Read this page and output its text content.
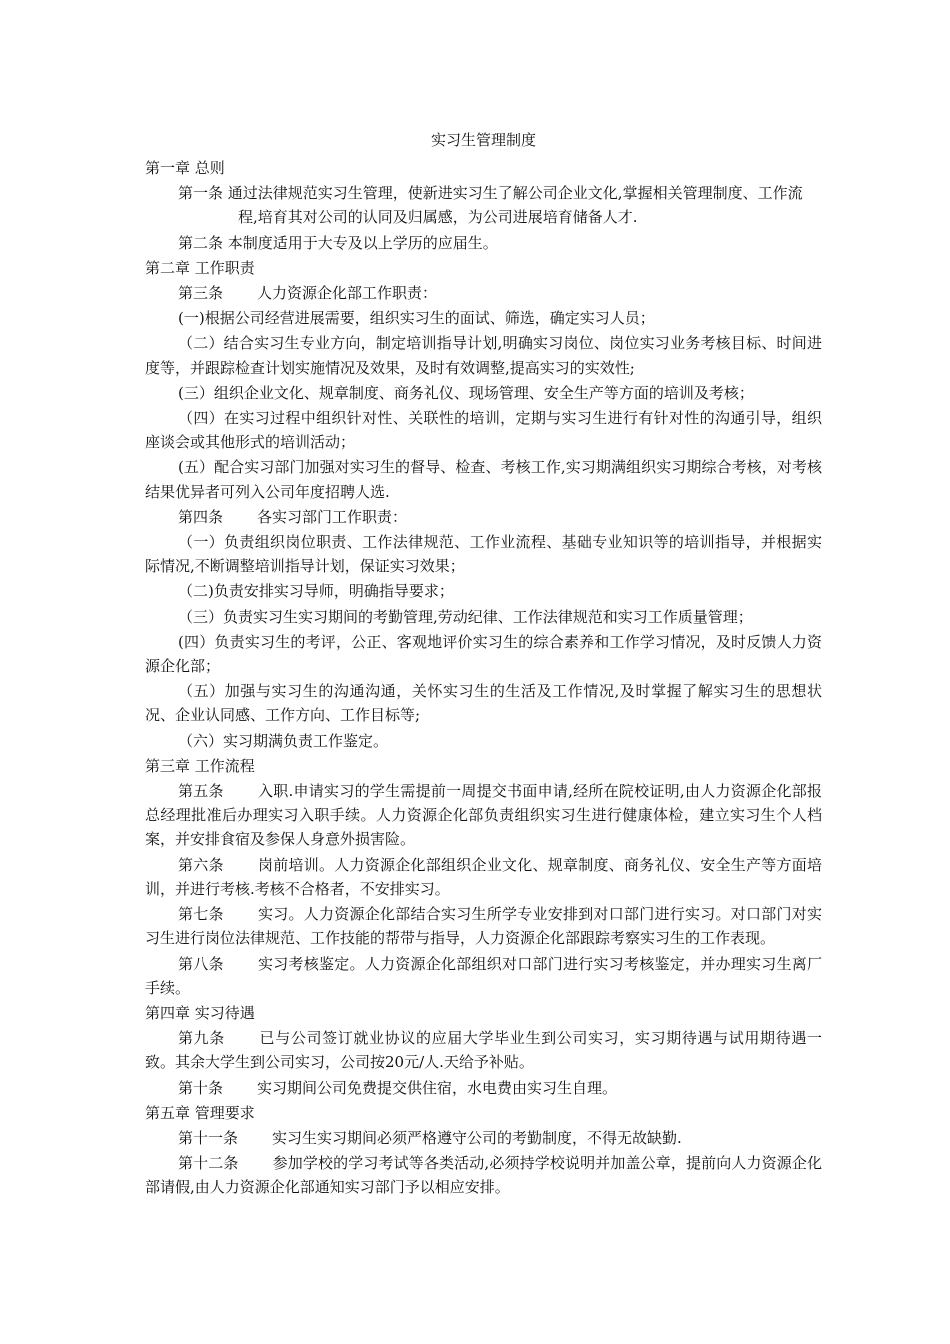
实习生管理制度
第一章 总则
第一条 通过法律规范实习生管理，使新进实习生了解公司企业文化,掌握相关管理制度、工作流程,培育其对公司的认同及归属感，为公司进展培育储备人才.
第二条 本制度适用于大专及以上学历的应届生。
第二章 工作职责
第三条 人力资源企化部工作职责：
(一)根据公司经营进展需要，组织实习生的面试、筛选，确定实习人员；
（二）结合实习生专业方向，制定培训指导计划,明确实习岗位、岗位实习业务考核目标、时间进度等，并跟踪检查计划实施情况及效果，及时有效调整,提高实习的实效性;
(三）组织企业文化、规章制度、商务礼仪、现场管理、安全生产等方面的培训及考核；
（四）在实习过程中组织针对性、关联性的培训，定期与实习生进行有针对性的沟通引导，组织座谈会或其他形式的培训活动；
(五）配合实习部门加强对实习生的督导、检查、考核工作,实习期满组织实习期综合考核，对考核结果优异者可列入公司年度招聘人选.
第四条 各实习部门工作职责：
（一）负责组织岗位职责、工作法律规范、工作业流程、基础专业知识等的培训指导，并根据实际情况,不断调整培训指导计划，保证实习效果；
（二)负责安排实习导师，明确指导要求；
（三）负责实习生实习期间的考勤管理,劳动纪律、工作法律规范和实习工作质量管理；
(四）负责实习生的考评，公正、客观地评价实习生的综合素养和工作学习情况，及时反馈人力资源企化部；
（五）加强与实习生的沟通沟通，关怀实习生的生活及工作情况,及时掌握了解实习生的思想状况、企业认同感、工作方向、工作目标等;
（六）实习期满负责工作鉴定。
第三章 工作流程
第五条 入职.申请实习的学生需提前一周提交书面申请,经所在院校证明,由人力资源企化部报总经理批准后办理实习入职手续。人力资源企化部负责组织实习生进行健康体检，建立实习生个人档案，并安排食宿及参保人身意外损害险。
第六条 岗前培训。人力资源企化部组织企业文化、规章制度、商务礼仪、安全生产等方面培训，并进行考核.考核不合格者，不安排实习。
第七条 实习。人力资源企化部结合实习生所学专业安排到对口部门进行实习。对口部门对实习生进行岗位法律规范、工作技能的帮带与指导，人力资源企化部跟踪考察实习生的工作表现。
第八条 实习考核鉴定。人力资源企化部组织对口部门进行实习考核鉴定，并办理实习生离厂手续。
第四章 实习待遇
第九条 已与公司签订就业协议的应届大学毕业生到公司实习，实习期待遇与试用期待遇一致。其余大学生到公司实习，公司按20元/人.天给予补贴。
第十条 实习期间公司免费提交供住宿，水电费由实习生自理。
第五章 管理要求
第十一条 实习生实习期间必须严格遵守公司的考勤制度，不得无故缺勤.
第十二条 参加学校的学习考试等各类活动,必须持学校说明并加盖公章，提前向人力资源企化部请假,由人力资源企化部通知实习部门予以相应安排。
